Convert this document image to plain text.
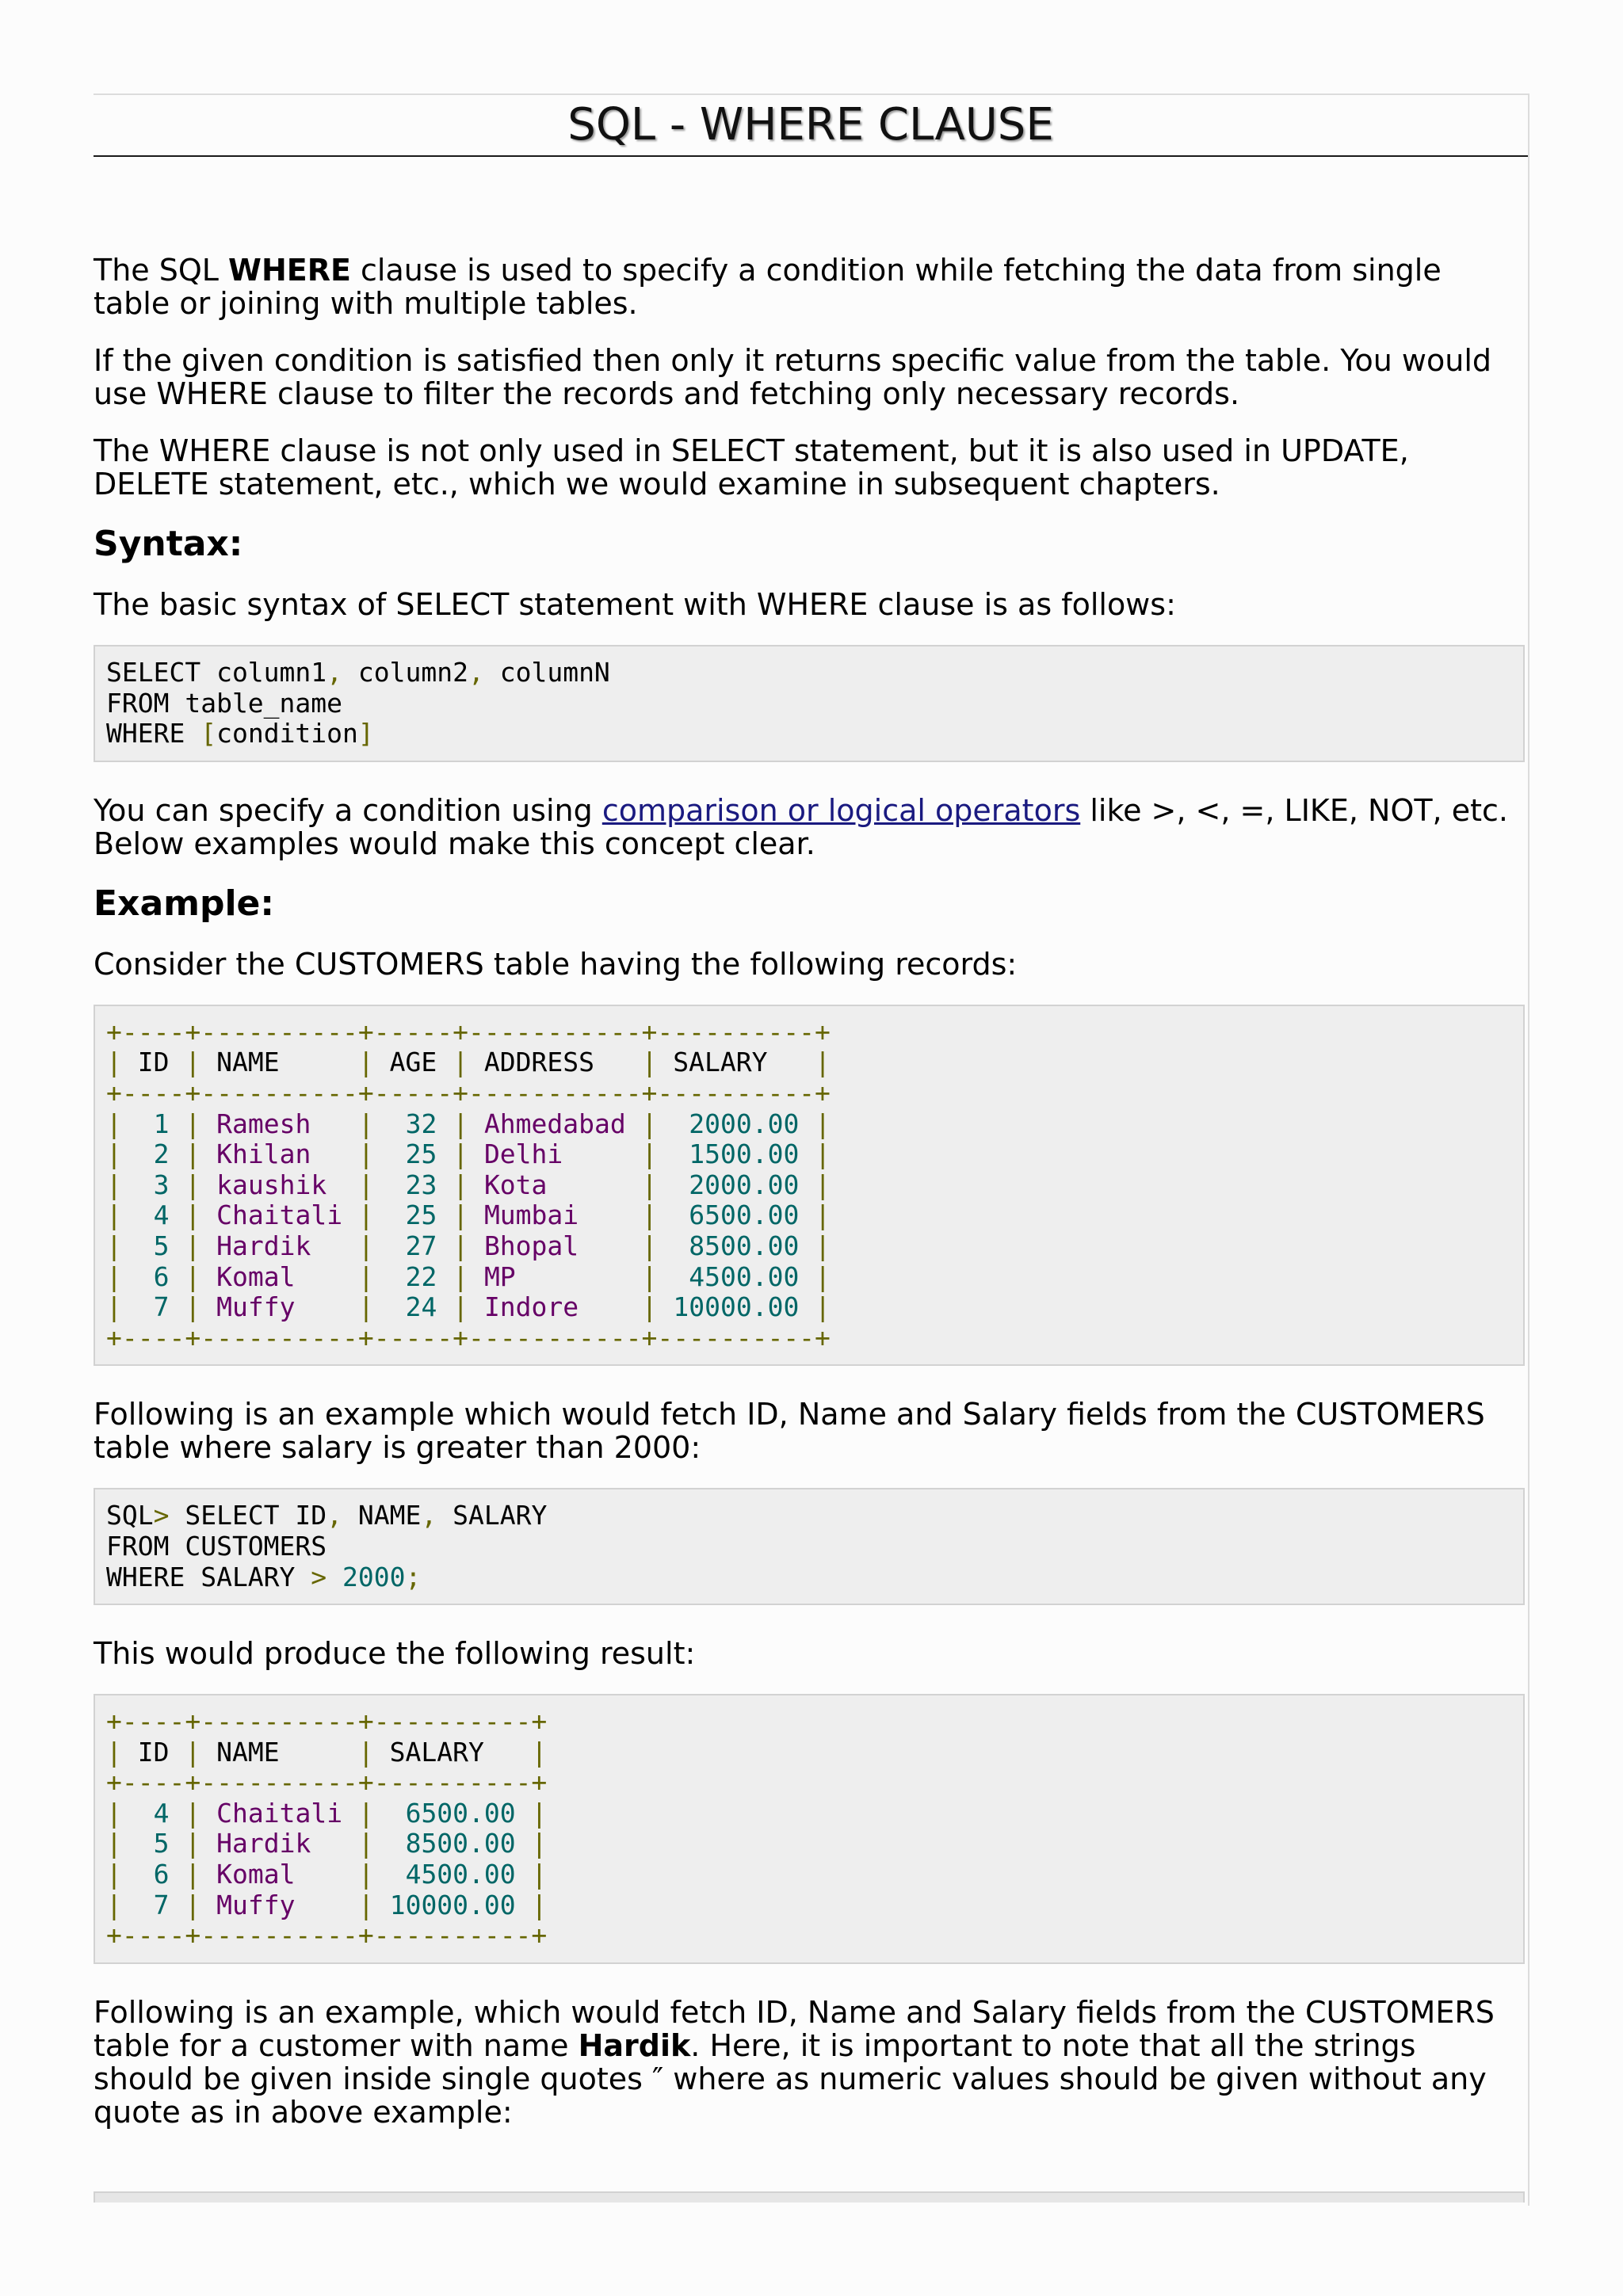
SQL - WHERE CLAUSE

The SQL WHERE clause is used to specify a condition while fetching the data from single table or joining with multiple tables.

If the given condition is satisfied then only it returns specific value from the table. You would use WHERE clause to filter the records and fetching only necessary records.

The WHERE clause is not only used in SELECT statement, but it is also used in UPDATE, DELETE statement, etc., which we would examine in subsequent chapters.

Syntax:

The basic syntax of SELECT statement with WHERE clause is as follows:

SELECT column1, column2, columnN
FROM table_name
WHERE [condition]

You can specify a condition using comparison or logical operators like >, <, =, LIKE, NOT, etc. Below examples would make this concept clear.

Example:

Consider the CUSTOMERS table having the following records:

+----+----------+-----+-----------+----------+
| ID | NAME     | AGE | ADDRESS   | SALARY   |
+----+----------+-----+-----------+----------+
|  1 | Ramesh   |  32 | Ahmedabad |  2000.00 |
|  2 | Khilan   |  25 | Delhi     |  1500.00 |
|  3 | kaushik  |  23 | Kota      |  2000.00 |
|  4 | Chaitali |  25 | Mumbai    |  6500.00 |
|  5 | Hardik   |  27 | Bhopal    |  8500.00 |
|  6 | Komal    |  22 | MP        |  4500.00 |
|  7 | Muffy    |  24 | Indore    | 10000.00 |
+----+----------+-----+-----------+----------+

Following is an example which would fetch ID, Name and Salary fields from the CUSTOMERS table where salary is greater than 2000:

SQL> SELECT ID, NAME, SALARY
FROM CUSTOMERS
WHERE SALARY > 2000;

This would produce the following result:

+----+----------+----------+
| ID | NAME     | SALARY   |
+----+----------+----------+
|  4 | Chaitali |  6500.00 |
|  5 | Hardik   |  8500.00 |
|  6 | Komal    |  4500.00 |
|  7 | Muffy    | 10000.00 |
+----+----------+----------+

Following is an example, which would fetch ID, Name and Salary fields from the CUSTOMERS table for a customer with name Hardik. Here, it is important to note that all the strings should be given inside single quotes ″ where as numeric values should be given without any quote as in above example:
